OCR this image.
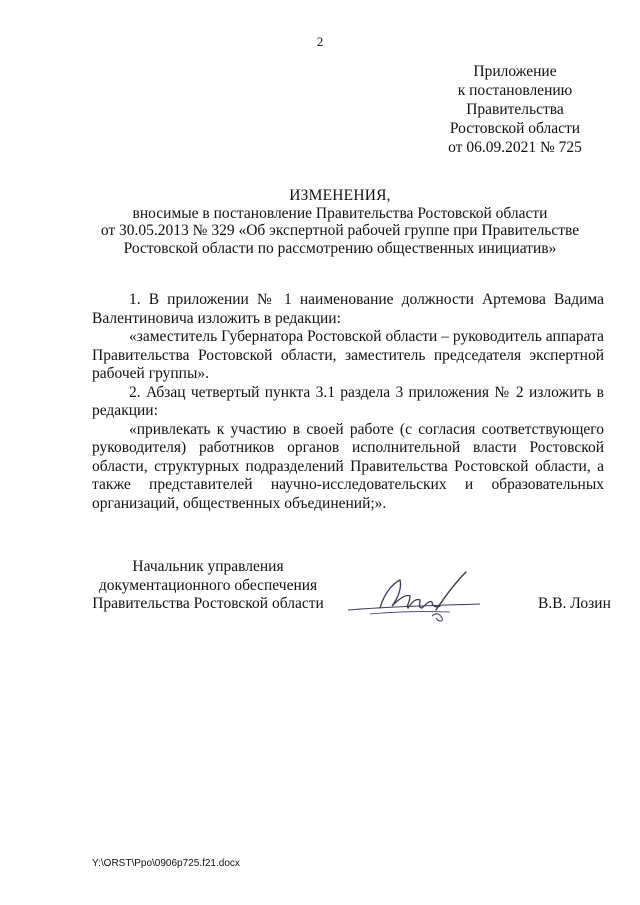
2
Приложение
к постановлению
Правительства
Ростовской области
от 06.09.2021 № 725
ИЗМЕНЕНИЯ,
вносимые в постановление Правительства Ростовской области
от 30.05.2013 № 329 «Об экспертной рабочей группе при Правительстве
Ростовской области по рассмотрению общественных инициатив»

1. В приложении № 1 наименование должности Артемова Вадима Валентиновича изложить в редакции:

«заместитель Губернатора Ростовской области – руководитель аппарата Правительства Ростовской области, заместитель председателя экспертной рабочей группы».

2. Абзац четвертый пункта 3.1 раздела 3 приложения № 2 изложить в редакции:

«привлекать к участию в своей работе (с согласия соответствующего руководителя) работников органов исполнительной власти Ростовской области, структурных подразделений Правительства Ростовской области, а также представителей научно-исследовательских и образовательных организаций, общественных объединений;».

Начальник управления
документационного обеспечения
Правительства Ростовской области	В.В. Лозин
Y:\ORST\Ppo\0906p725.f21.docx
